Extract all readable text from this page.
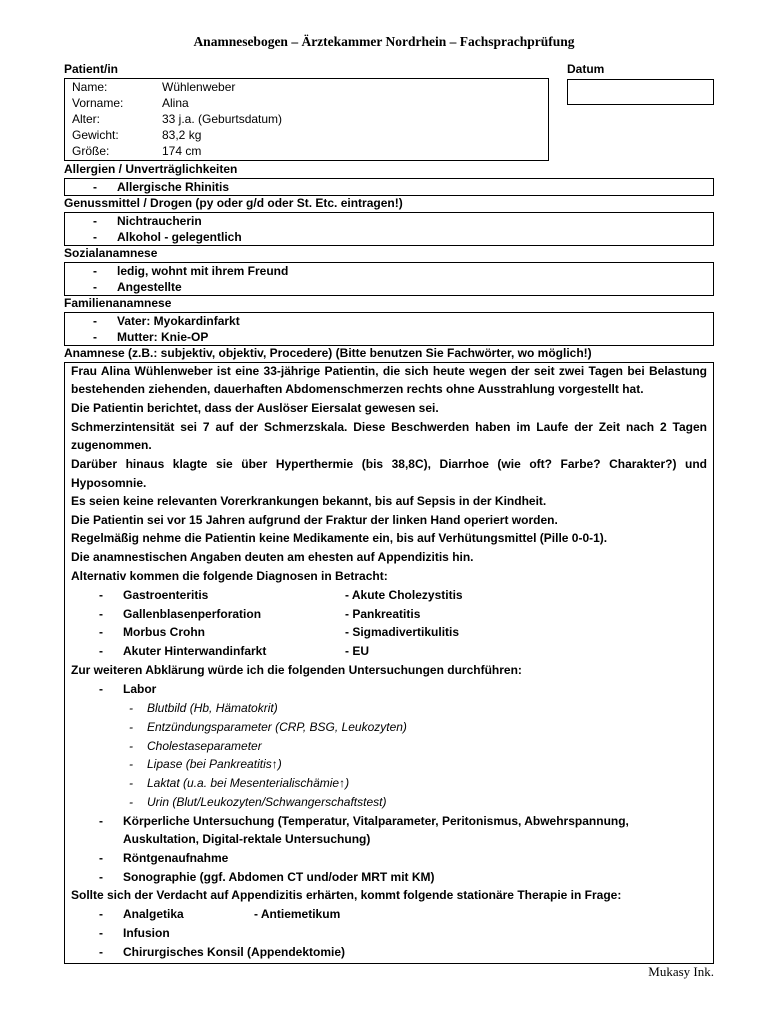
Anamnesebogen – Ärztekammer Nordrhein – Fachsprachprüfung
Patient/in	Datum
Name:	Wühlenweber
Vorname:	Alina
Alter:	33 j.a. (Geburtsdatum)
Gewicht:	83,2 kg
Größe:	174 cm
Allergien / Unverträglichkeiten
- Allergische Rhinitis
Genussmittel / Drogen (py oder g/d oder St. Etc. eintragen!)
- Nichtraucherin
- Alkohol - gelegentlich
Sozialanamnese
- ledig, wohnt mit ihrem Freund
- Angestellte
Familienanamnese
- Vater: Myokardinfarkt
- Mutter: Knie-OP
Anamnese (z.B.: subjektiv, objektiv, Procedere) (Bitte benutzen Sie Fachwörter, wo möglich!)
Frau Alina Wühlenweber ist eine 33-jährige Patientin, die sich heute wegen der seit zwei Tagen bei Belastung
bestehenden ziehenden, dauerhaften Abdomenschmerzen rechts ohne Ausstrahlung vorgestellt hat.
Die Patientin berichtet, dass der Auslöser Eiersalat gewesen sei.
Schmerzintensität sei 7 auf der Schmerzskala. Diese Beschwerden haben im Laufe der Zeit nach 2 Tagen
zugenommen.
Darüber hinaus klagte sie über Hyperthermie (bis 38,8C), Diarrhoe (wie oft? Farbe? Charakter?) und
Hyposomnie.
Es seien keine relevanten Vorerkrankungen bekannt, bis auf Sepsis in der Kindheit.
Die Patientin sei vor 15 Jahren aufgrund der Fraktur der linken Hand operiert worden.
Regelmäßig nehme die Patientin keine Medikamente ein, bis auf Verhütungsmittel (Pille 0-0-1).
Die anamnestischen Angaben deuten am ehesten auf Appendizitis hin.
Alternativ kommen die folgende Diagnosen in Betracht:
- Gastroenteritis	- Akute Cholezystitis
- Gallenblasenperforation	- Pankreatitis
- Morbus Crohn	- Sigmadivertikulitis
- Akuter Hinterwandinfarkt	- EU
Zur weiteren Abklärung würde ich die folgenden Untersuchungen durchführen:
- Labor
- Blutbild (Hb, Hämatokrit)
- Entzündungsparameter (CRP, BSG, Leukozyten)
- Cholestaseparameter
- Lipase (bei Pankreatitis↑)
- Laktat (u.a. bei Mesenterialischämie↑)
- Urin (Blut/Leukozyten/Schwangerschaftstest)
- Körperliche Untersuchung (Temperatur, Vitalparameter, Peritonismus, Abwehrspannung,
Auskultation, Digital-rektale Untersuchung)
- Röntgenaufnahme
- Sonographie (ggf. Abdomen CT und/oder MRT mit KM)
Sollte sich der Verdacht auf Appendizitis erhärten, kommt folgende stationäre Therapie in Frage:
- Analgetika	- Antiemetikum
- Infusion
- Chirurgisches Konsil (Appendektomie)
Mukasy Ink.
